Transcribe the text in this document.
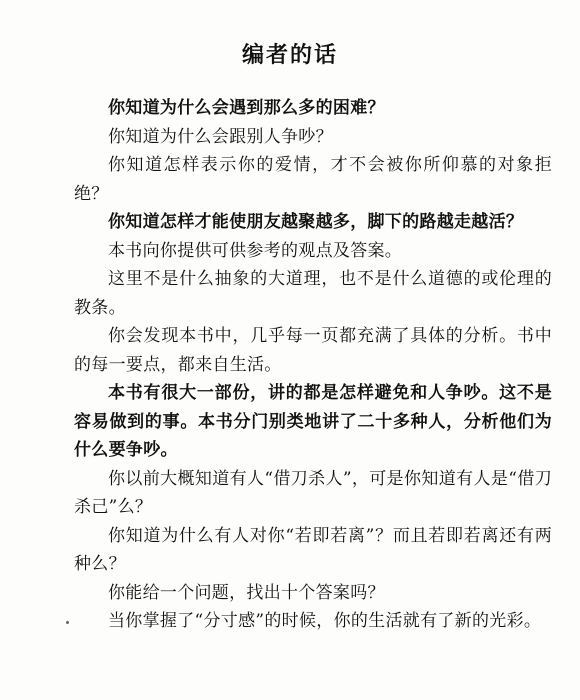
编者的话

你知道为什么会遇到那么多的困难？

你知道为什么会跟别人争吵？

你知道怎样表示你的爱情，才不会被你所仰慕的对象拒绝？

你知道怎样才能使朋友越聚越多，脚下的路越走越活？

本书向你提供可供参考的观点及答案。

这里不是什么抽象的大道理，也不是什么道德的或伦理的教条。

你会发现本书中，几乎每一页都充满了具体的分析。书中的每一要点，都来自生活。

本书有很大一部份，讲的都是怎样避免和人争吵。这不是容易做到的事。本书分门别类地讲了二十多种人，分析他们为什么要争吵。

你以前大概知道有人“借刀杀人”，可是你知道有人是“借刀杀己”么？

你知道为什么有人对你“若即若离”？而且若即若离还有两种么？

你能给一个问题，找出十个答案吗？

当你掌握了“分寸感”的时候，你的生活就有了新的光彩。
